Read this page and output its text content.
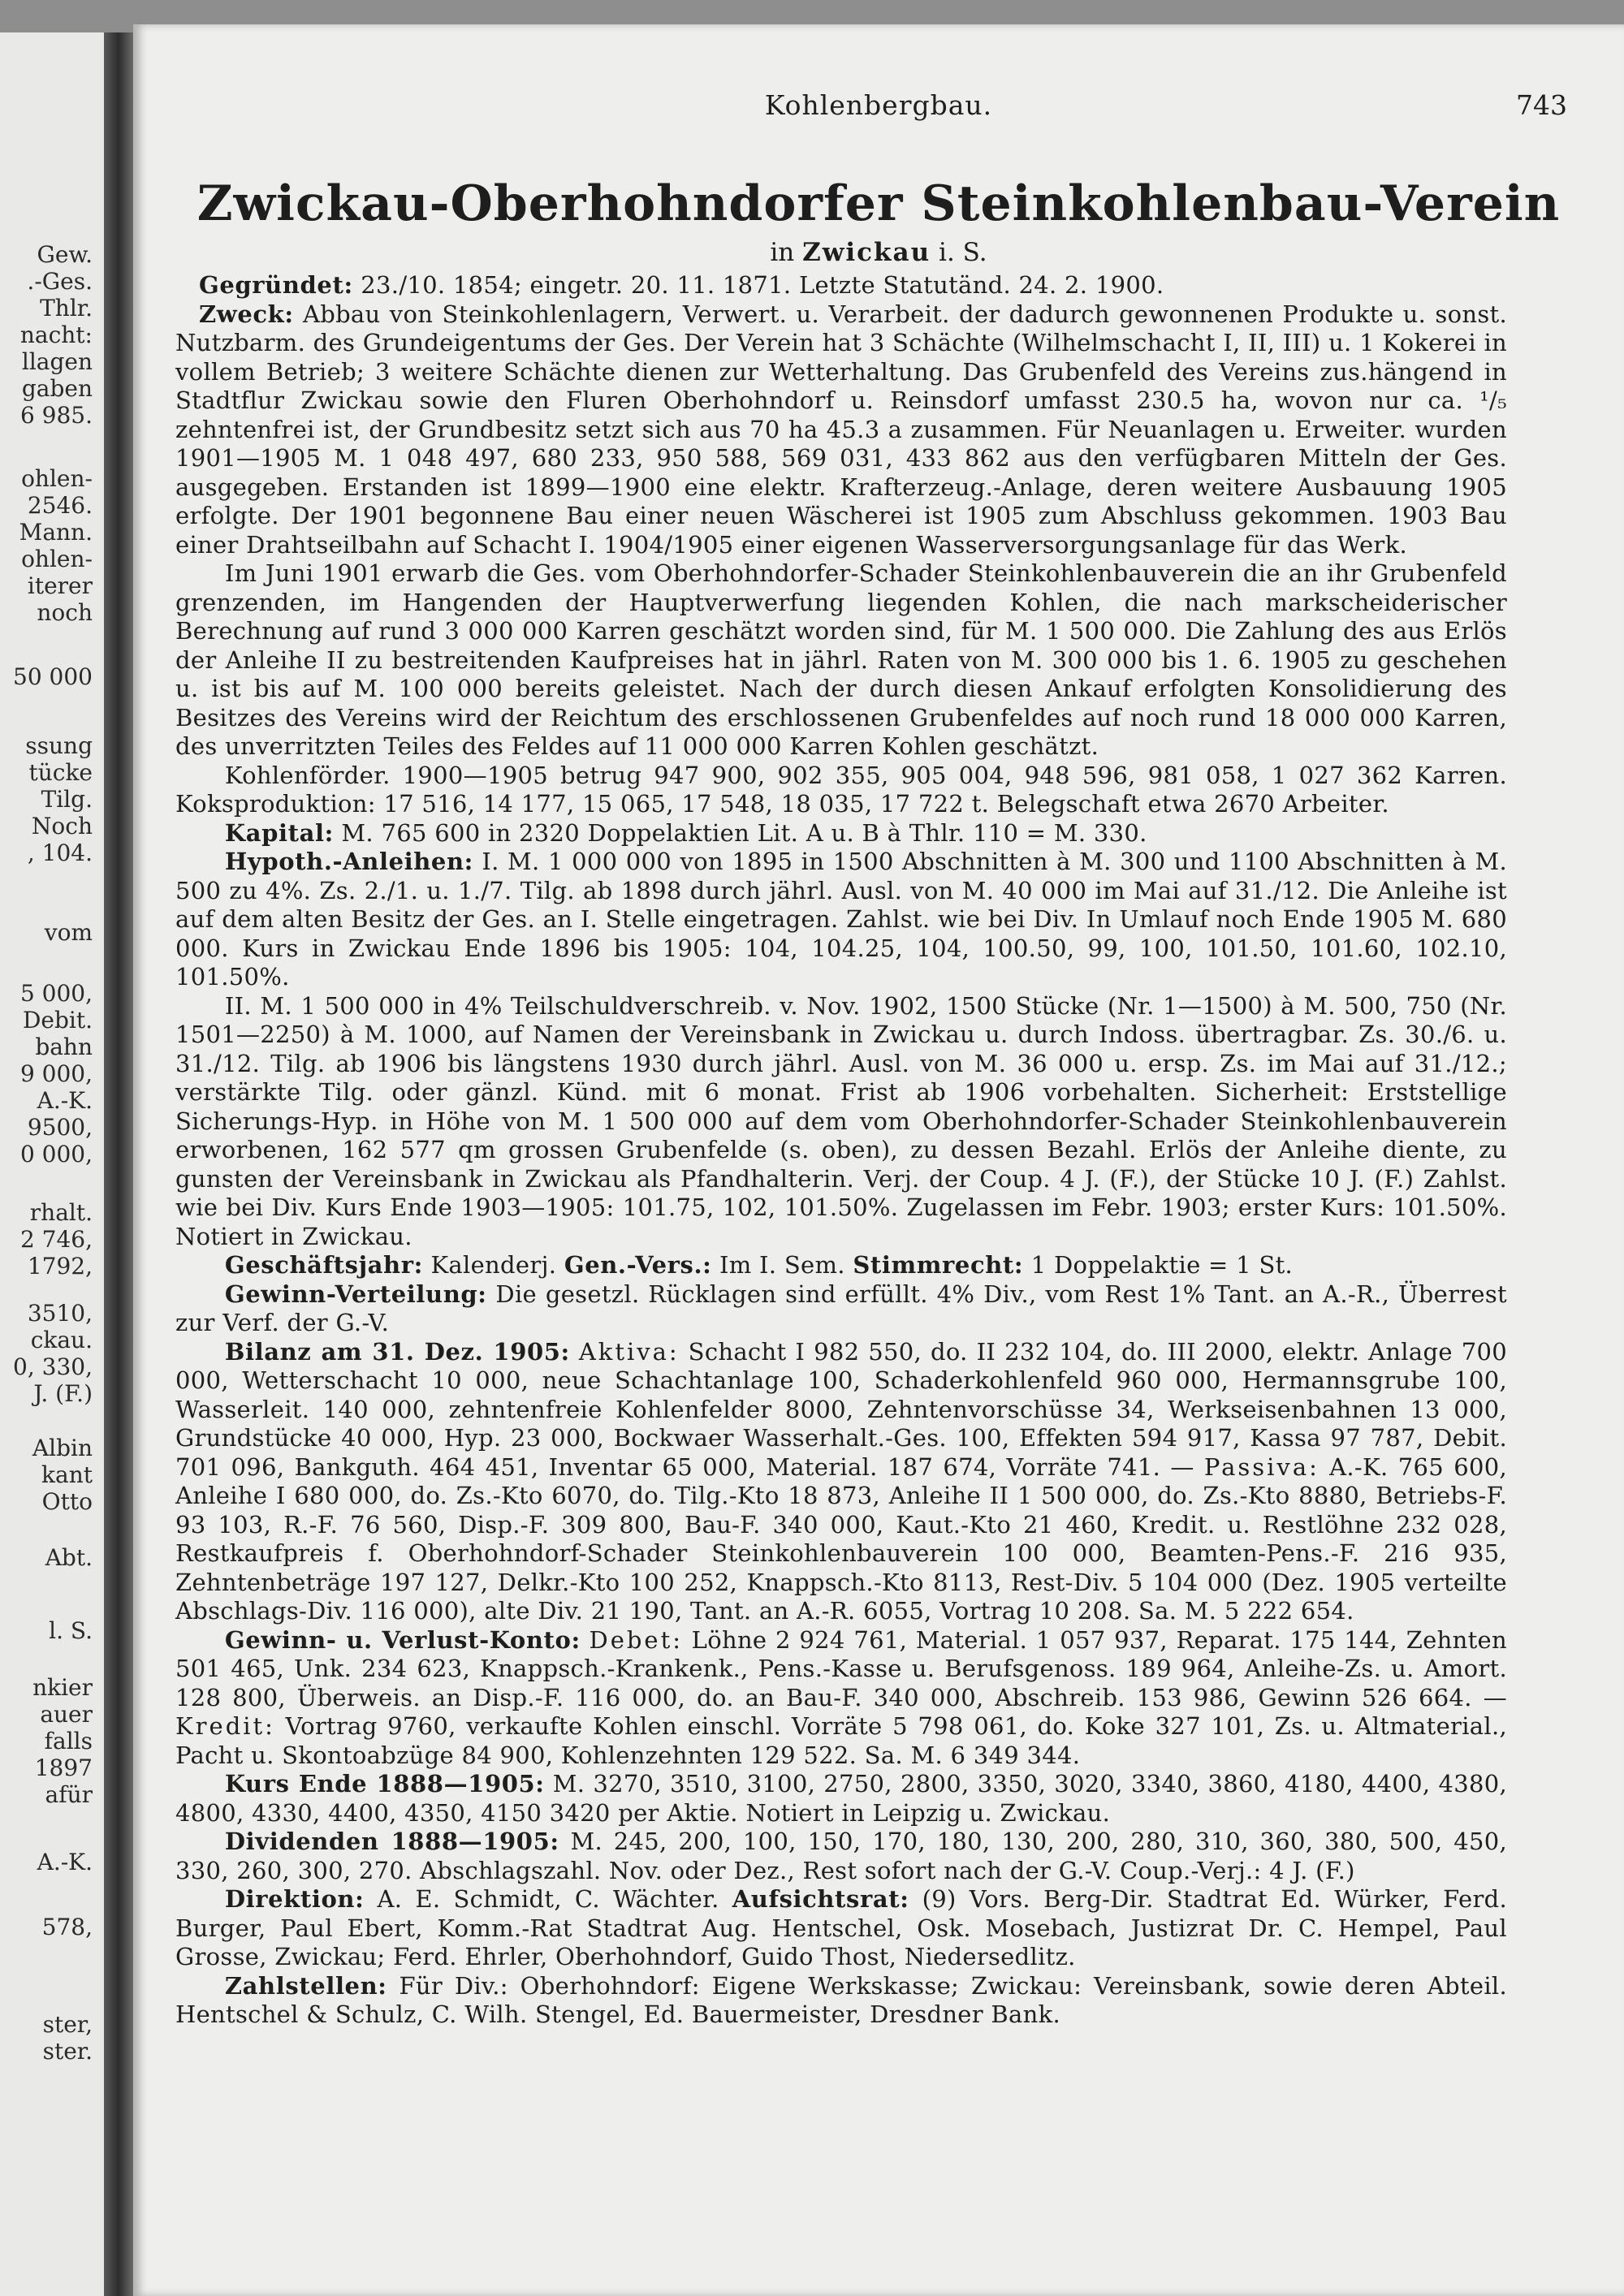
Gew.
.-Ges.
Thlr.
nacht:
llagen
gaben
6 985.
ohlen-
2546.
Mann.
ohlen-
iterer
noch
50 000
ssung
tücke
Tilg.
Noch
, 104.
vom
5 000,
Debit.
bahn
9 000,
A.-K.
9500,
0 000,
rhalt.
2 746,
1792,
3510,
ckau.
0, 330,
J. (F.)
Albin
kant
Otto
Abt.
l. S.
nkier
auer
falls
1897
afür
A.-K.
578,
ster,
ster.
Kohlenbergbau.	743
Zwickau-Oberhohndorfer Steinkohlenbau-Verein
in Zwickau i. S.

Gegründet: 23./10. 1854; eingetr. 20. 11. 1871. Letzte Statutänd. 24. 2. 1900.

Zweck: Abbau von Steinkohlenlagern, Verwert. u. Verarbeit. der dadurch gewonnenen Produkte u. sonst. Nutzbarm. des Grundeigentums der Ges. Der Verein hat 3 Schächte (Wilhelmschacht I, II, III) u. 1 Kokerei in vollem Betrieb; 3 weitere Schächte dienen zur Wetterhaltung. Das Grubenfeld des Vereins zus.hängend in Stadtflur Zwickau sowie den Fluren Oberhohndorf u. Reinsdorf umfasst 230.5 ha, wovon nur ca. ¹/₅ zehntenfrei ist, der Grundbesitz setzt sich aus 70 ha 45.3 a zusammen. Für Neuanlagen u. Erweiter. wurden 1901—1905 M. 1 048 497, 680 233, 950 588, 569 031, 433 862 aus den verfügbaren Mitteln der Ges. ausgegeben. Erstanden ist 1899—1900 eine elektr. Krafterzeug.-Anlage, deren weitere Ausbauung 1905 erfolgte. Der 1901 begonnene Bau einer neuen Wäscherei ist 1905 zum Abschluss gekommen. 1903 Bau einer Drahtseilbahn auf Schacht I. 1904/1905 einer eigenen Wasserversorgungsanlage für das Werk.

Im Juni 1901 erwarb die Ges. vom Oberhohndorfer-Schader Steinkohlenbauverein die an ihr Grubenfeld grenzenden, im Hangenden der Hauptverwerfung liegenden Kohlen, die nach markscheiderischer Berechnung auf rund 3 000 000 Karren geschätzt worden sind, für M. 1 500 000. Die Zahlung des aus Erlös der Anleihe II zu bestreitenden Kaufpreises hat in jährl. Raten von M. 300 000 bis 1. 6. 1905 zu geschehen u. ist bis auf M. 100 000 bereits geleistet. Nach der durch diesen Ankauf erfolgten Konsolidierung des Besitzes des Vereins wird der Reichtum des erschlossenen Grubenfeldes auf noch rund 18 000 000 Karren, des unverritzten Teiles des Feldes auf 11 000 000 Karren Kohlen geschätzt.

Kohlenförder. 1900—1905 betrug 947 900, 902 355, 905 004, 948 596, 981 058, 1 027 362 Karren. Koksproduktion: 17 516, 14 177, 15 065, 17 548, 18 035, 17 722 t. Belegschaft etwa 2670 Arbeiter.

Kapital: M. 765 600 in 2320 Doppelaktien Lit. A u. B à Thlr. 110 = M. 330.

Hypoth.-Anleihen: I. M. 1 000 000 von 1895 in 1500 Abschnitten à M. 300 und 1100 Abschnitten à M. 500 zu 4%. Zs. 2./1. u. 1./7. Tilg. ab 1898 durch jährl. Ausl. von M. 40 000 im Mai auf 31./12. Die Anleihe ist auf dem alten Besitz der Ges. an I. Stelle eingetragen. Zahlst. wie bei Div. In Umlauf noch Ende 1905 M. 680 000. Kurs in Zwickau Ende 1896 bis 1905: 104, 104.25, 104, 100.50, 99, 100, 101.50, 101.60, 102.10, 101.50%.

II. M. 1 500 000 in 4% Teilschuldverschreib. v. Nov. 1902, 1500 Stücke (Nr. 1—1500) à M. 500, 750 (Nr. 1501—2250) à M. 1000, auf Namen der Vereinsbank in Zwickau u. durch Indoss. übertragbar. Zs. 30./6. u. 31./12. Tilg. ab 1906 bis längstens 1930 durch jährl. Ausl. von M. 36 000 u. ersp. Zs. im Mai auf 31./12.; verstärkte Tilg. oder gänzl. Künd. mit 6 monat. Frist ab 1906 vorbehalten. Sicherheit: Erststellige Sicherungs-Hyp. in Höhe von M. 1 500 000 auf dem vom Oberhohndorfer-Schader Steinkohlenbauverein erworbenen, 162 577 qm grossen Grubenfelde (s. oben), zu dessen Bezahl. Erlös der Anleihe diente, zu gunsten der Vereinsbank in Zwickau als Pfandhalterin. Verj. der Coup. 4 J. (F.), der Stücke 10 J. (F.) Zahlst. wie bei Div. Kurs Ende 1903—1905: 101.75, 102, 101.50%. Zugelassen im Febr. 1903; erster Kurs: 101.50%. Notiert in Zwickau.

Geschäftsjahr: Kalenderj. Gen.-Vers.: Im I. Sem. Stimmrecht: 1 Doppelaktie = 1 St.

Gewinn-Verteilung: Die gesetzl. Rücklagen sind erfüllt. 4% Div., vom Rest 1% Tant. an A.-R., Überrest zur Verf. der G.-V.

Bilanz am 31. Dez. 1905: Aktiva: Schacht I 982 550, do. II 232 104, do. III 2000, elektr. Anlage 700 000, Wetterschacht 10 000, neue Schachtanlage 100, Schaderkohlenfeld 960 000, Hermannsgrube 100, Wasserleit. 140 000, zehntenfreie Kohlenfelder 8000, Zehntenvorschüsse 34, Werkseisenbahnen 13 000, Grundstücke 40 000, Hyp. 23 000, Bockwaer Wasserhalt.-Ges. 100, Effekten 594 917, Kassa 97 787, Debit. 701 096, Bankguth. 464 451, Inventar 65 000, Material. 187 674, Vorräte 741. — Passiva: A.-K. 765 600, Anleihe I 680 000, do. Zs.-Kto 6070, do. Tilg.-Kto 18 873, Anleihe II 1 500 000, do. Zs.-Kto 8880, Betriebs-F. 93 103, R.-F. 76 560, Disp.-F. 309 800, Bau-F. 340 000, Kaut.-Kto 21 460, Kredit. u. Restlöhne 232 028, Restkaufpreis f. Oberhohndorf-Schader Steinkohlenbauverein 100 000, Beamten-Pens.-F. 216 935, Zehntenbeträge 197 127, Delkr.-Kto 100 252, Knappsch.-Kto 8113, Rest-Div. 5 104 000 (Dez. 1905 verteilte Abschlags-Div. 116 000), alte Div. 21 190, Tant. an A.-R. 6055, Vortrag 10 208. Sa. M. 5 222 654.

Gewinn- u. Verlust-Konto: Debet: Löhne 2 924 761, Material. 1 057 937, Reparat. 175 144, Zehnten 501 465, Unk. 234 623, Knappsch.-Krankenk., Pens.-Kasse u. Berufsgenoss. 189 964, Anleihe-Zs. u. Amort. 128 800, Überweis. an Disp.-F. 116 000, do. an Bau-F. 340 000, Abschreib. 153 986, Gewinn 526 664. — Kredit: Vortrag 9760, verkaufte Kohlen einschl. Vorräte 5 798 061, do. Koke 327 101, Zs. u. Altmaterial., Pacht u. Skontoabzüge 84 900, Kohlenzehnten 129 522. Sa. M. 6 349 344.

Kurs Ende 1888—1905: M. 3270, 3510, 3100, 2750, 2800, 3350, 3020, 3340, 3860, 4180, 4400, 4380, 4800, 4330, 4400, 4350, 4150 3420 per Aktie. Notiert in Leipzig u. Zwickau.

Dividenden 1888—1905: M. 245, 200, 100, 150, 170, 180, 130, 200, 280, 310, 360, 380, 500, 450, 330, 260, 300, 270. Abschlagszahl. Nov. oder Dez., Rest sofort nach der G.-V. Coup.-Verj.: 4 J. (F.)

Direktion: A. E. Schmidt, C. Wächter. Aufsichtsrat: (9) Vors. Berg-Dir. Stadtrat Ed. Würker, Ferd. Burger, Paul Ebert, Komm.-Rat Stadtrat Aug. Hentschel, Osk. Mosebach, Justizrat Dr. C. Hempel, Paul Grosse, Zwickau; Ferd. Ehrler, Oberhohndorf, Guido Thost, Niedersedlitz.

Zahlstellen: Für Div.: Oberhohndorf: Eigene Werkskasse; Zwickau: Vereinsbank, sowie deren Abteil. Hentschel & Schulz, C. Wilh. Stengel, Ed. Bauermeister, Dresdner Bank.
